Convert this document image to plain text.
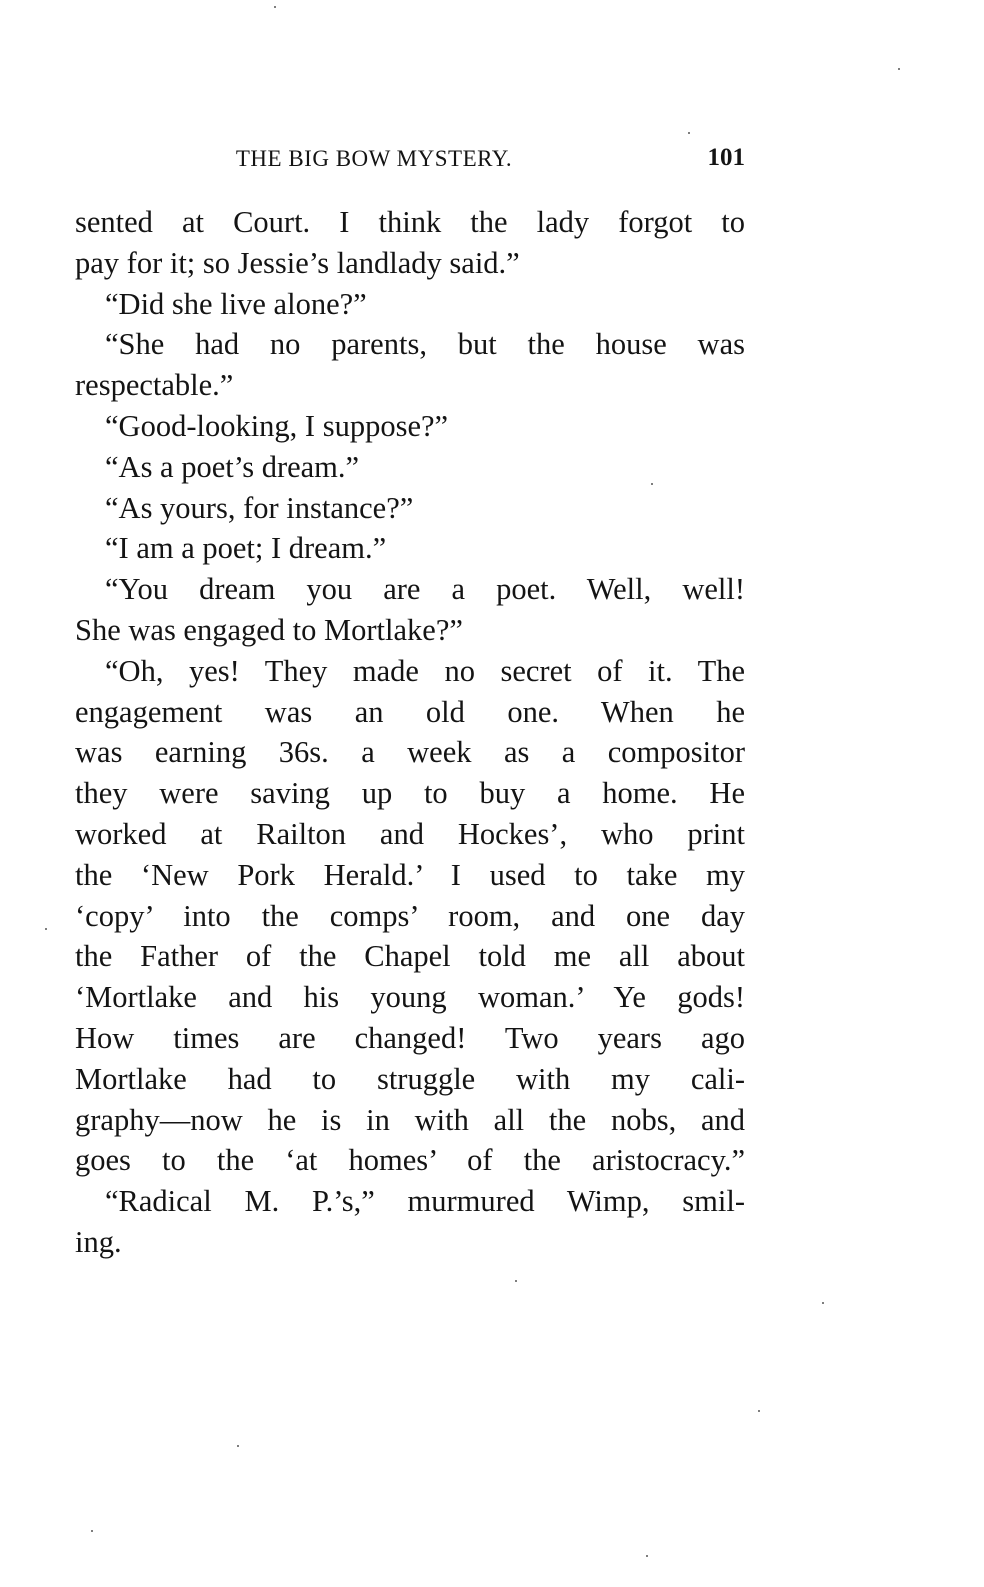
THE BIG BOW MYSTERY.	101
sented at Court. I think the lady forgot to
pay for it; so Jessie’s landlady said.”
“Did she live alone?”
“She had no parents, but the house was
respectable.”
“Good-looking, I suppose?”
“As a poet’s dream.”
“As yours, for instance?”
“I am a poet; I dream.”
“You dream you are a poet. Well, well!
She was engaged to Mortlake?”
“Oh, yes! They made no secret of it. The
engagement was an old one. When he
was earning 36s. a week as a compositor
they were saving up to buy a home. He
worked at Railton and Hockes’, who print
the ‘New Pork Herald.’ I used to take my
‘copy’ into the comps’ room, and one day
the Father of the Chapel told me all about
‘Mortlake and his young woman.’ Ye gods!
How times are changed! Two years ago
Mortlake had to struggle with my cali-
graphy—now he is in with all the nobs, and
goes to the ‘at homes’ of the aristocracy.”
“Radical M. P.’s,” murmured Wimp, smil-
ing.
